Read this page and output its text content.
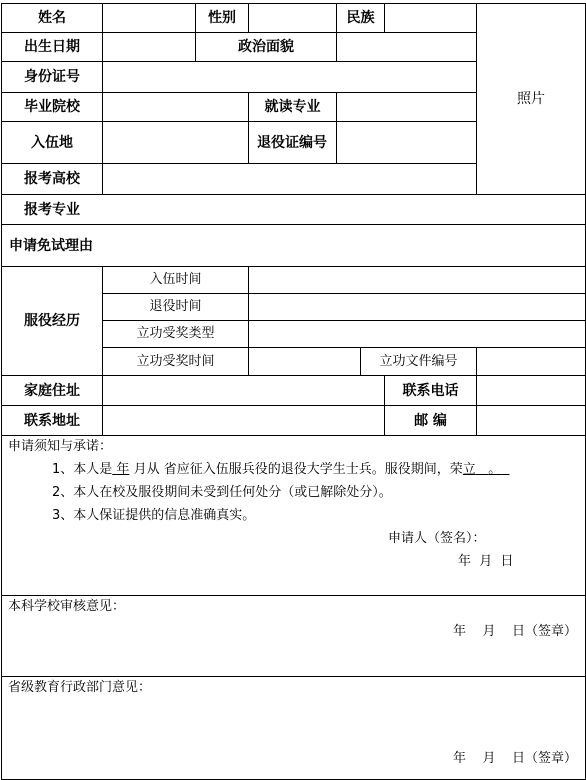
姓名	性别	民族
出生日期	政治面貌
身份证号
毕业院校	就读专业
入伍地	退役证编号
报考高校
照片
报考专业
申请免试理由
服役经历
入伍时间
退役时间
立功受奖类型
立功受奖时间	立功文件编号
家庭住址	联系电话
联系地址	邮 编
申请须知与承诺：
1、本人是 年 月从 省应征入伍服兵役的退役大学生士兵。服役期间，荣立 。
2、本人在校及服役期间未受到任何处分（或已解除处分）。
3、本人保证提供的信息准确真实。
申请人（签名）：
年  月  日
本科学校审核意见：
年    月    日（签章）
省级教育行政部门意见：
年    月    日（签章）
